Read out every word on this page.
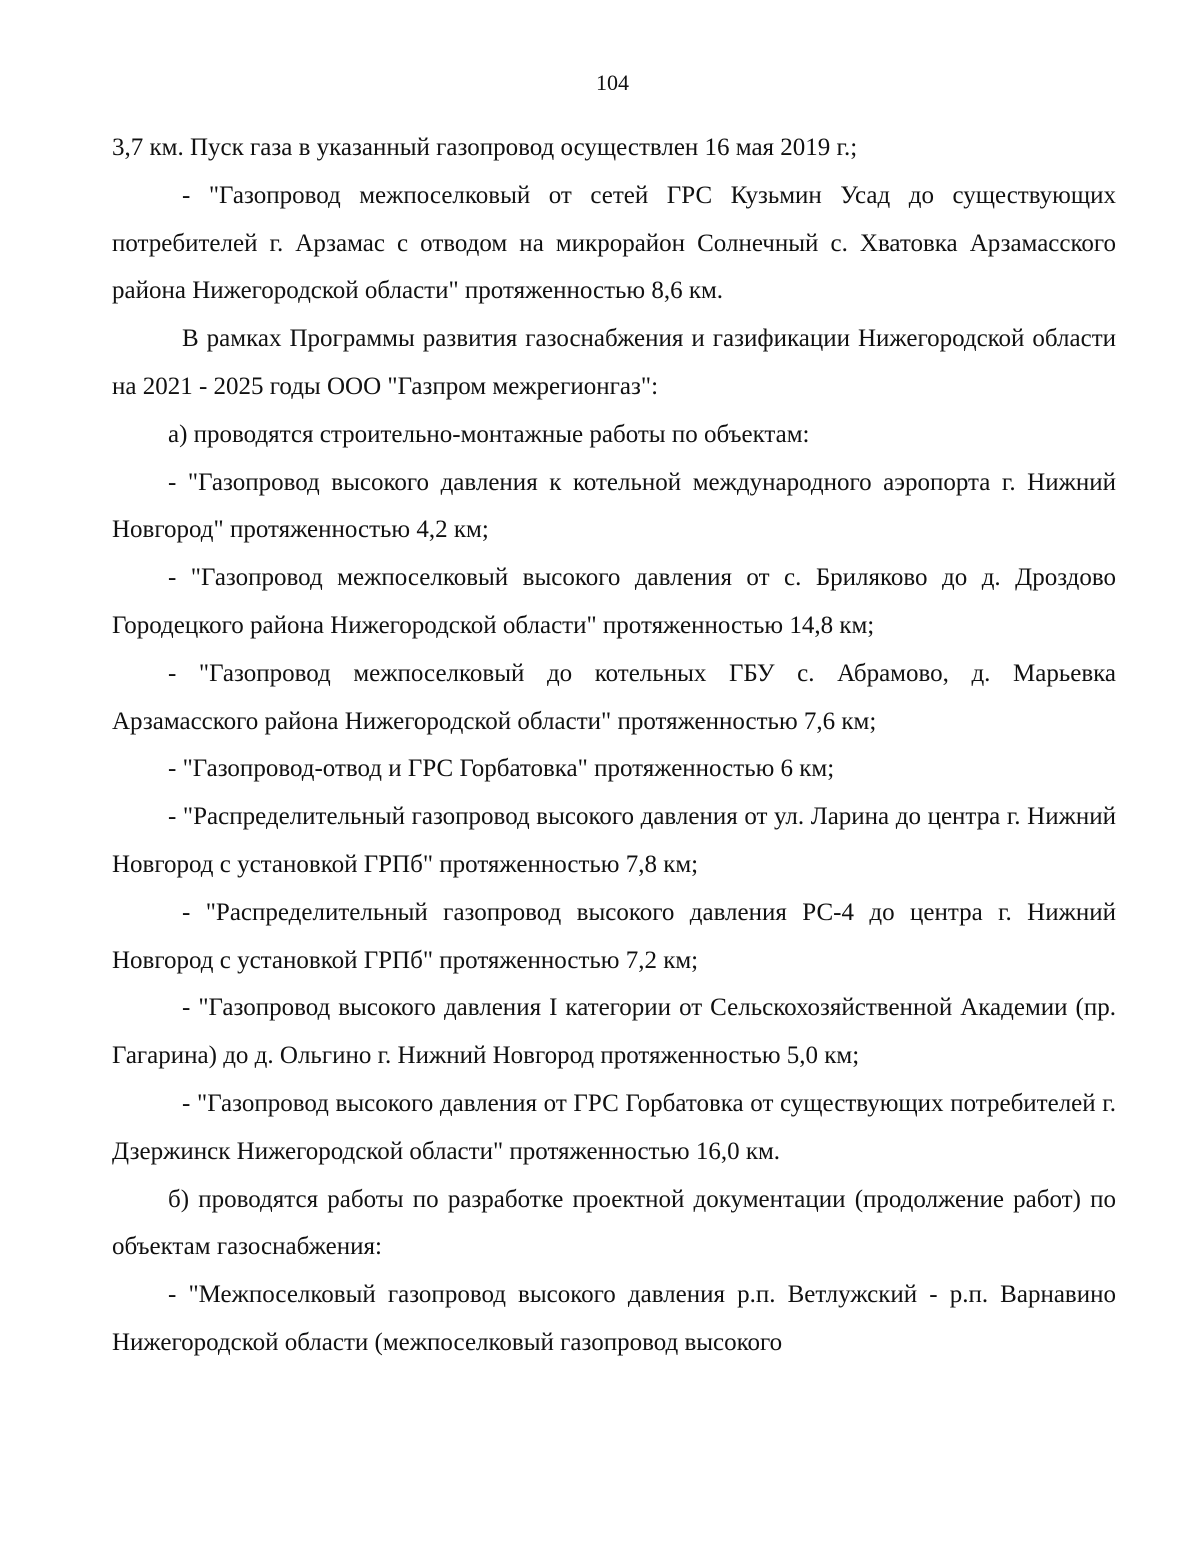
104

3,7 км. Пуск газа в указанный газопровод осуществлен 16 мая 2019 г.;

- "Газопровод межпоселковый от сетей ГРС Кузьмин Усад до существующих потребителей г. Арзамас с отводом на микрорайон Солнечный с. Хватовка Арзамасского района Нижегородской области" протяженностью 8,6 км.

В рамках Программы развития газоснабжения и газификации Нижегородской области на 2021 - 2025 годы ООО "Газпром межрегионгаз":

а) проводятся строительно-монтажные работы по объектам:

- "Газопровод высокого давления к котельной международного аэропорта г. Нижний Новгород" протяженностью 4,2 км;

- "Газопровод межпоселковый высокого давления от с. Бриляково до д. Дроздово Городецкого района Нижегородской области" протяженностью 14,8 км;

- "Газопровод межпоселковый до котельных ГБУ с. Абрамово, д. Марьевка Арзамасского района Нижегородской области" протяженностью 7,6 км;

- "Газопровод-отвод и ГРС Горбатовка" протяженностью 6 км;

- "Распределительный газопровод высокого давления от ул. Ларина до центра г. Нижний Новгород с установкой ГРПб" протяженностью 7,8 км;

- "Распределительный газопровод высокого давления РС-4 до центра г. Нижний Новгород с установкой ГРПб" протяженностью 7,2 км;

- "Газопровод высокого давления I категории от Сельскохозяйственной Академии (пр. Гагарина) до д. Ольгино г. Нижний Новгород протяженностью 5,0 км;

- "Газопровод высокого давления от ГРС Горбатовка от существующих потребителей г. Дзержинск Нижегородской области" протяженностью 16,0 км.

б) проводятся работы по разработке проектной документации (продолжение работ) по объектам газоснабжения:

- "Межпоселковый газопровод высокого давления р.п. Ветлужский - р.п. Варнавино Нижегородской области (межпоселковый газопровод высокого
